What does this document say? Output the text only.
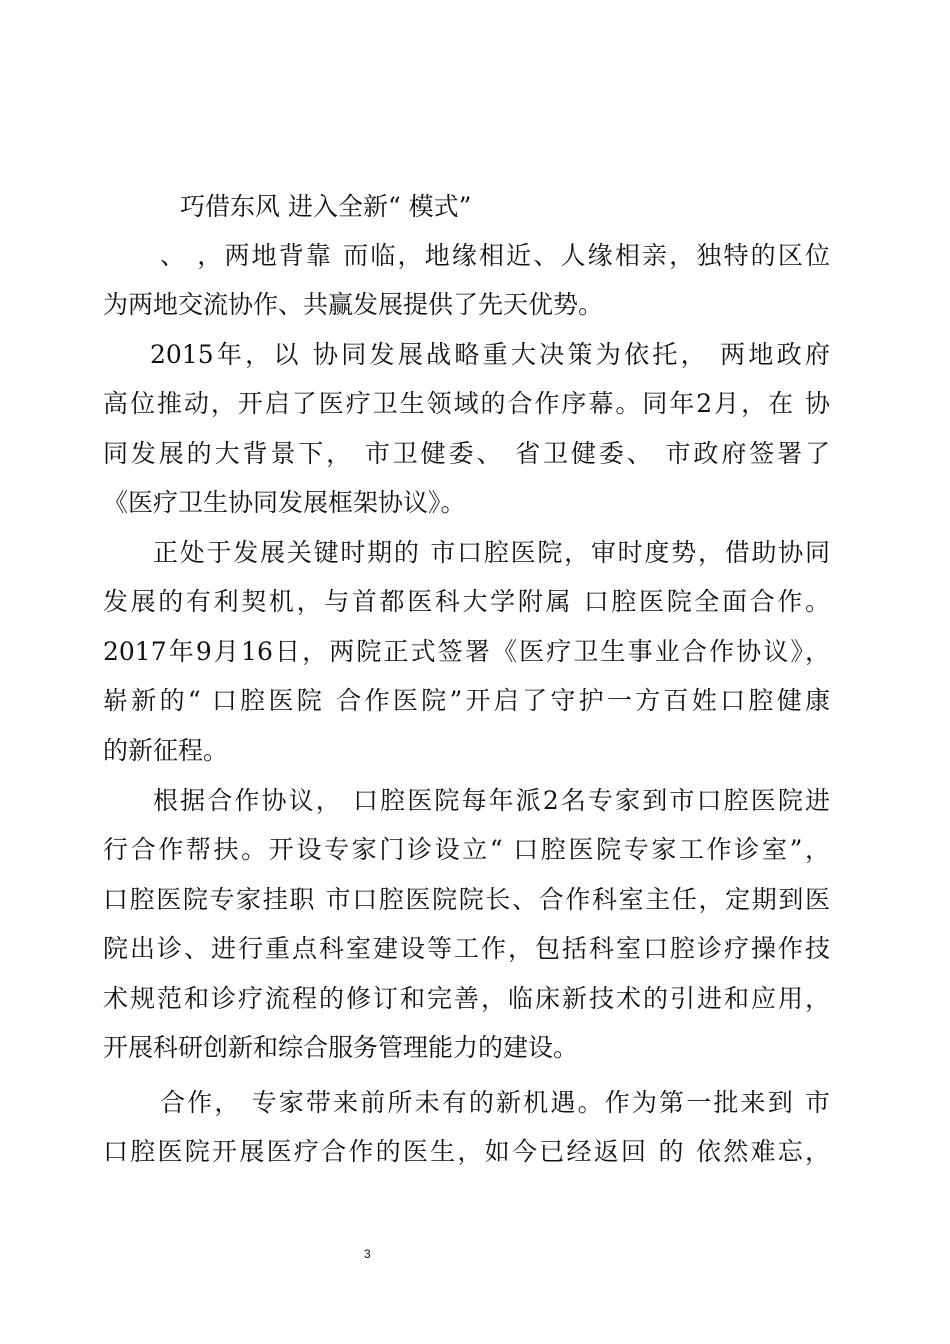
巧借东风 进入全新“ 模式”
、 ，两地背靠 而临，地缘相近、人缘相亲，独特的区位
为两地交流协作、共赢发展提供了先天优势。
2015年，以 协同发展战略重大决策为依托， 两地政府
高位推动，开启了医疗卫生领域的合作序幕。同年2月，在 协
同发展的大背景下， 市卫健委、 省卫健委、 市政府签署了
《医疗卫生协同发展框架协议》。
正处于发展关键时期的 市口腔医院，审时度势，借助协同
发展的有利契机，与首都医科大学附属 口腔医院全面合作。
2017年9月16日，两院正式签署《医疗卫生事业合作协议》，
崭新的“ 口腔医院 合作医院”开启了守护一方百姓口腔健康
的新征程。
根据合作协议， 口腔医院每年派2名专家到市口腔医院进
行合作帮扶。开设专家门诊设立“ 口腔医院专家工作诊室”，
口腔医院专家挂职 市口腔医院院长、合作科室主任，定期到医
院出诊、进行重点科室建设等工作，包括科室口腔诊疗操作技
术规范和诊疗流程的修订和完善，临床新技术的引进和应用，
开展科研创新和综合服务管理能力的建设。
合作， 专家带来前所未有的新机遇。作为第一批来到 市
口腔医院开展医疗合作的医生，如今已经返回 的 依然难忘，
3
